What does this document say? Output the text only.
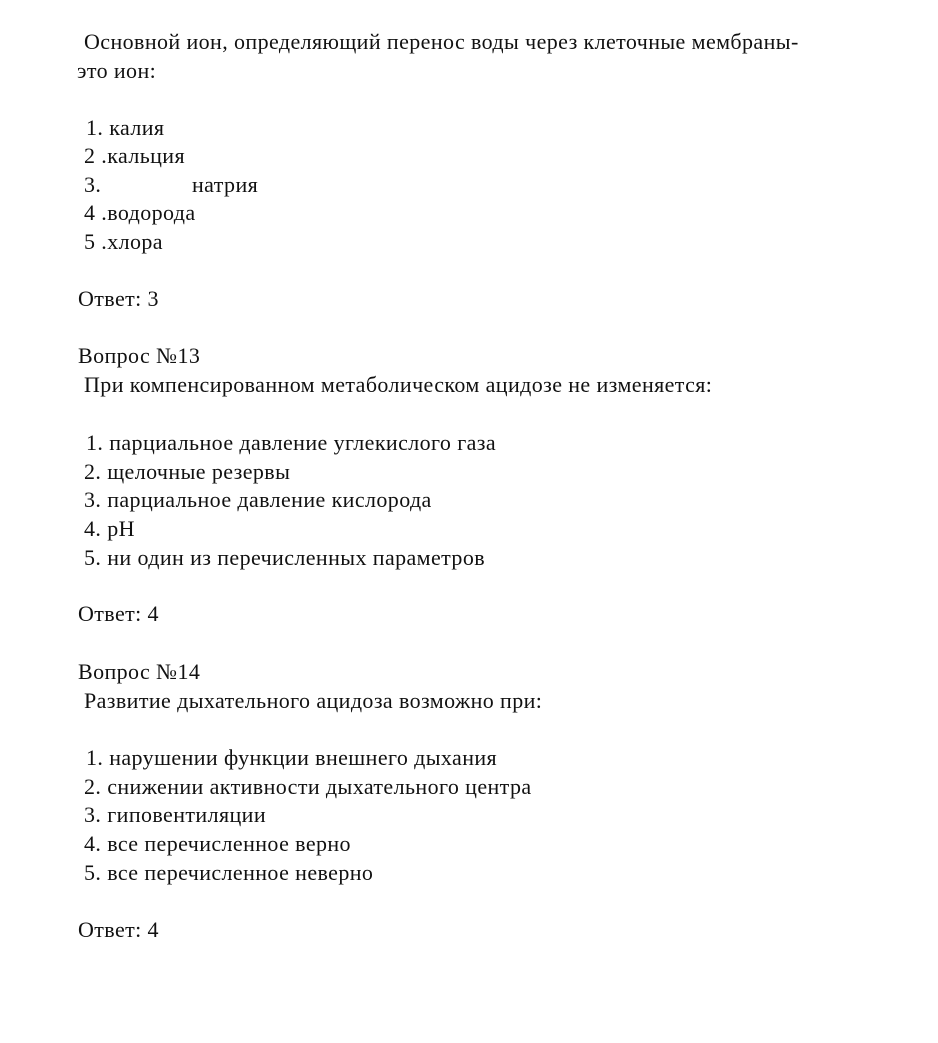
Основной ион, определяющий перенос воды через клеточные мембраны-
это ион:
1. калия
2 .кальция
3.	натрия
4 .водорода
5 .хлора
Ответ: 3
Вопрос №13
При компенсированном метаболическом ацидозе не изменяется:
1. парциальное давление углекислого газа
2. щелочные резервы
3. парциальное давление кислорода
4. pH
5. ни один из перечисленных параметров
Ответ: 4
Вопрос №14
Развитие дыхательного ацидоза возможно при:
1. нарушении функции внешнего дыхания
2. снижении активности дыхательного центра
3. гиповентиляции
4. все перечисленное верно
5. все перечисленное неверно
Ответ: 4
